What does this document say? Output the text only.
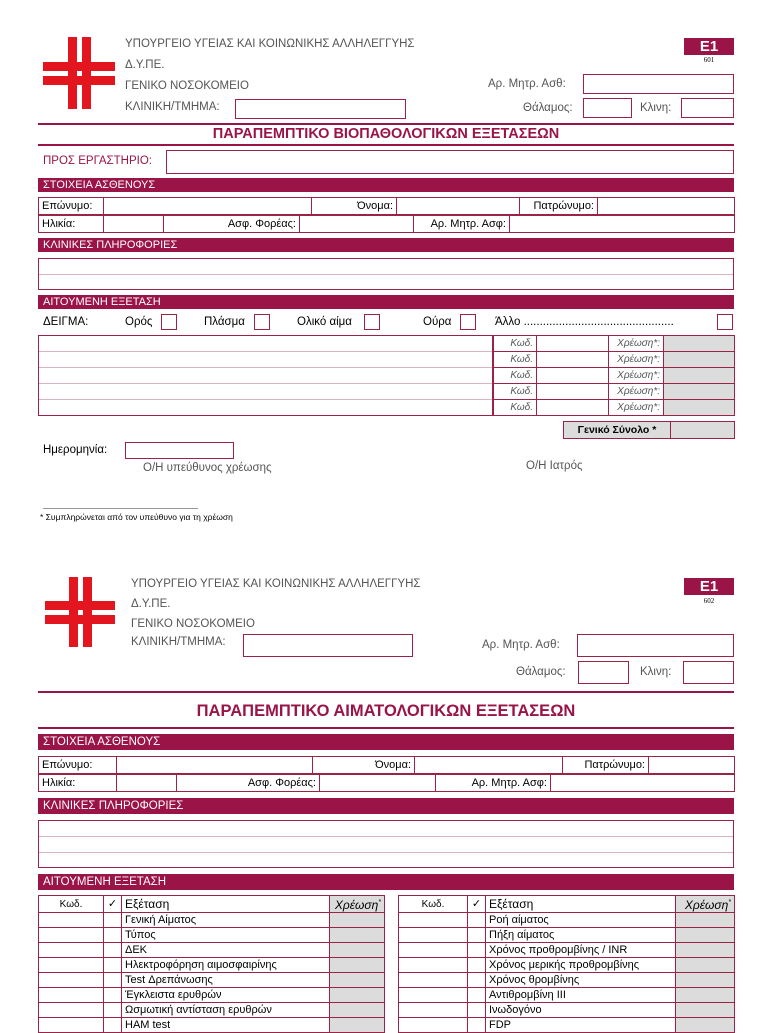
ΥΠΟΥΡΓΕΙΟ ΥΓΕΙΑΣ ΚΑΙ ΚΟΙΝΩΝΙΚΗΣ ΑΛΛΗΛΕΓΓΥΗΣ
Δ.Υ.ΠΕ.
ΓΕΝΙΚΟ ΝΟΣΟΚΟΜΕΙΟ
ΚΛΙΝΙΚΗ/ΤΜΗΜΑ:
Ε1
601
Αρ. Μητρ. Ασθ:
Θάλαμος:	Κλινη:
ΠΑΡΑΠΕΜΠΤΙΚΟ ΒΙΟΠΑΘΟΛΟΓΙΚΩΝ ΕΞΕΤΑΣΕΩΝ
ΠΡΟΣ ΕΡΓΑΣΤΗΡΙΟ:
ΣΤΟΙΧΕΙΑ ΑΣΘΕΝΟΥΣ
Επώνυμο:		Όνομα:		Πατρώνυμο:	
Ηλικία:		Ασφ. Φορέας:		Αρ. Μητρ. Ασφ:	
ΚΛΙΝΙΚΕΣ ΠΛΗΡΟΦΟΡΙΕΣ
ΑΙΤΟΥΜΕΝΗ ΕΞΕΤΑΣΗ
ΔΕΙΓΜΑ:	Ορός	Πλάσμα	Ολικό αίμα	Ούρα	Άλλο ...............................................
Κωδ.		Χρέωση*:	
Κωδ.		Χρέωση*:	
Κωδ.		Χρέωση*:	
Κωδ.		Χρέωση*:	
Κωδ.		Χρέωση*:	
Γενικό Σύνολο *	
Ημερομηνία:
Ο/Η υπεύθυνος χρέωσης	Ο/Η Ιατρός
* Συμπληρώνεται από τον υπεύθυνο για τη χρέωση
ΥΠΟΥΡΓΕΙΟ ΥΓΕΙΑΣ ΚΑΙ ΚΟΙΝΩΝΙΚΗΣ ΑΛΛΗΛΕΓΓΥΗΣ
Δ.Υ.ΠΕ.
ΓΕΝΙΚΟ ΝΟΣΟΚΟΜΕΙΟ
ΚΛΙΝΙΚΗ/ΤΜΗΜΑ:
Ε1
602
Αρ. Μητρ. Ασθ:
Θάλαμος:	Κλινη:
ΠΑΡΑΠΕΜΠΤΙΚΟ ΑΙΜΑΤΟΛΟΓΙΚΩΝ ΕΞΕΤΑΣΕΩΝ
ΣΤΟΙΧΕΙΑ ΑΣΘΕΝΟΥΣ
Επώνυμο:		Όνομα:		Πατρώνυμο:	
Ηλικία:		Ασφ. Φορέας:		Αρ. Μητρ. Ασφ:	
ΚΛΙΝΙΚΕΣ ΠΛΗΡΟΦΟΡΙΕΣ
ΑΙΤΟΥΜΕΝΗ ΕΞΕΤΑΣΗ
Κωδ.	✓	Εξέταση	Χρέωση*
		Γενική Αίματος	
		Τύπος	
		ΔΕΚ	
		Ηλεκτροφόρηση αιμοσφαιρίνης	
		Test Δρεπάνωσης	
		Έγκλειστα ερυθρών	
		Ωσμωτική αντίσταση ερυθρών	
		HAM test	
Κωδ.	✓	Εξέταση	Χρέωση*
		Ροή αίματος	
		Πήξη αίματος	
		Χρόνος προθρομβίνης / INR	
		Χρόνος μερικής προθρομβίνης	
		Χρόνος θρομβίνης	
		Αντιθρομβίνη ΙΙΙ	
		Ινωδογόνο	
		FDP	
